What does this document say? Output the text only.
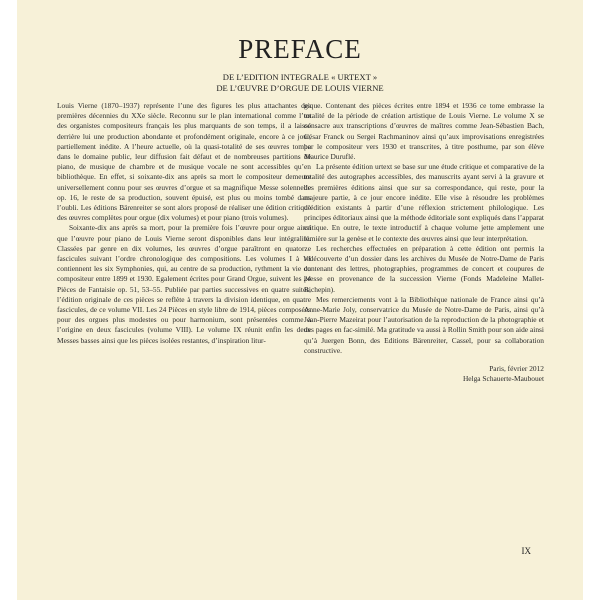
PREFACE
DE L’EDITION INTEGRALE « URTEXT »
DE L’ŒUVRE D’ORGUE DE LOUIS VIERNE

Louis Vierne (1870–1937) représente l’une des figures les plus attachantes des premières décennies du XXe siècle. Reconnu sur le plan international comme l’un des organistes compositeurs français les plus marquants de son temps, il a laissé derrière lui une production abondante et profondément originale, encore à ce jour, partiellement inédite. A l’heure actuelle, où la quasi-totalité de ses œuvres tombe dans le domaine public, leur diffusion fait défaut et de nombreuses partitions de piano, de musique de chambre et de musique vocale ne sont accessibles qu’en bibliothèque. En effet, si soixante-dix ans après sa mort le compositeur demeure universellement connu pour ses œuvres d’orgue et sa magnifique Messe solennelle op. 16, le reste de sa production, souvent épuisé, est plus ou moins tombé dans l’oubli. Les éditions Bärenreiter se sont alors proposé de réaliser une édition critique des œuvres complètes pour orgue (dix volumes) et pour piano (trois volumes).

Soixante-dix ans après sa mort, pour la première fois l’œuvre pour orgue ainsi que l’œuvre pour piano de Louis Vierne seront disponibles dans leur intégralité. Classées par genre en dix volumes, les œuvres d’orgue paraîtront en quatorze fascicules suivant l’ordre chronologique des compositions. Les volumes I à VI contiennent les six Symphonies, qui, au centre de sa production, rythment la vie du compositeur entre 1899 et 1930. Egalement écrites pour Grand Orgue, suivent les 24 Pièces de Fantaisie op. 51, 53–55. Publiée par parties successives en quatre suites, l’édition originale de ces pièces se reflète à travers la division identique, en quatre fascicules, de ce volume VII. Les 24 Pièces en style libre de 1914, pièces composées pour des orgues plus modestes ou pour harmonium, sont présentées comme à l’origine en deux fascicules (volume VIII). Le volume IX réunit enfin les deux Messes basses ainsi que les pièces isolées restantes, d’inspiration litur-

gique. Contenant des pièces écrites entre 1894 et 1936 ce tome embrasse la totalité de la période de création artistique de Louis Vierne. Le volume X se consacre aux transcriptions d’œuvres de maîtres comme Jean-Sébastien Bach, César Franck ou Sergei Rachmaninov ainsi qu’aux improvisations enregistrées par le compositeur vers 1930 et transcrites, à titre posthume, par son élève Maurice Duruflé.

La présente édition urtext se base sur une étude critique et comparative de la totalité des autographes accessibles, des manuscrits ayant servi à la gravure et des premières éditions ainsi que sur sa correspondance, qui reste, pour la majeure partie, à ce jour encore inédite. Elle vise à résoudre les problèmes d’édition existants à partir d’une réflexion strictement philologique. Les principes éditoriaux ainsi que la méthode éditoriale sont expliqués dans l’apparat critique. En outre, le texte introductif à chaque volume jette amplement une lumière sur la genèse et le contexte des œuvres ainsi que leur interprétation.

Les recherches effectuées en préparation à cette édition ont permis la redécouverte d’un dossier dans les archives du Musée de Notre-Dame de Paris contenant des lettres, photographies, programmes de concert et coupures de presse en provenance de la succession Vierne (Fonds Madeleine Mallet-Richepin).

Mes remerciements vont à la Bibliothèque nationale de France ainsi qu’à Anne-Marie Joly, conservatrice du Musée de Notre-Dame de Paris, ainsi qu’à Jean-Pierre Mazeirat pour l’autorisation de la reproduction de la photographie et des pages en fac-similé. Ma gratitude va aussi à Rollin Smith pour son aide ainsi qu’à Juergen Bonn, des Editions Bärenreiter, Cassel, pour sa collaboration constructive.

Paris, février 2012
Helga Schauerte-Maubouet
IX
